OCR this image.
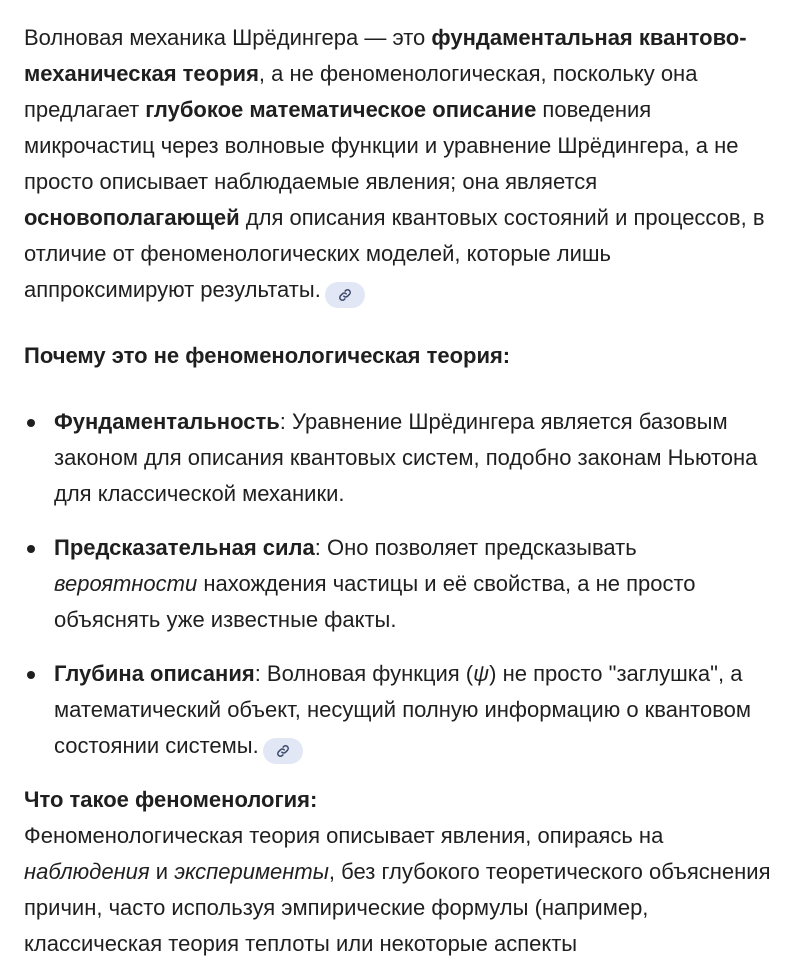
Волновая механика Шрёдингера — это фундаментальная квантово-механическая теория, а не феноменологическая, поскольку она предлагает глубокое математическое описание поведения микрочастиц через волновые функции и уравнение Шрёдингера, а не просто описывает наблюдаемые явления; она является основополагающей для описания квантовых состояний и процессов, в отличие от феноменологических моделей, которые лишь аппроксимируют результаты.

Почему это не феноменологическая теория:

Фундаментальность: Уравнение Шрёдингера является базовым законом для описания квантовых систем, подобно законам Ньютона для классической механики.
Предсказательная сила: Оно позволяет предсказывать вероятности нахождения частицы и её свойства, а не просто объяснять уже известные факты.
Глубина описания: Волновая функция (ψ) не просто "заглушка", а математический объект, несущий полную информацию о квантовом состоянии системы.

Что такое феноменология:

Феноменологическая теория описывает явления, опираясь на наблюдения и эксперименты, без глубокого теоретического объяснения причин, часто используя эмпирические формулы (например, классическая теория теплоты или некоторые аспекты
